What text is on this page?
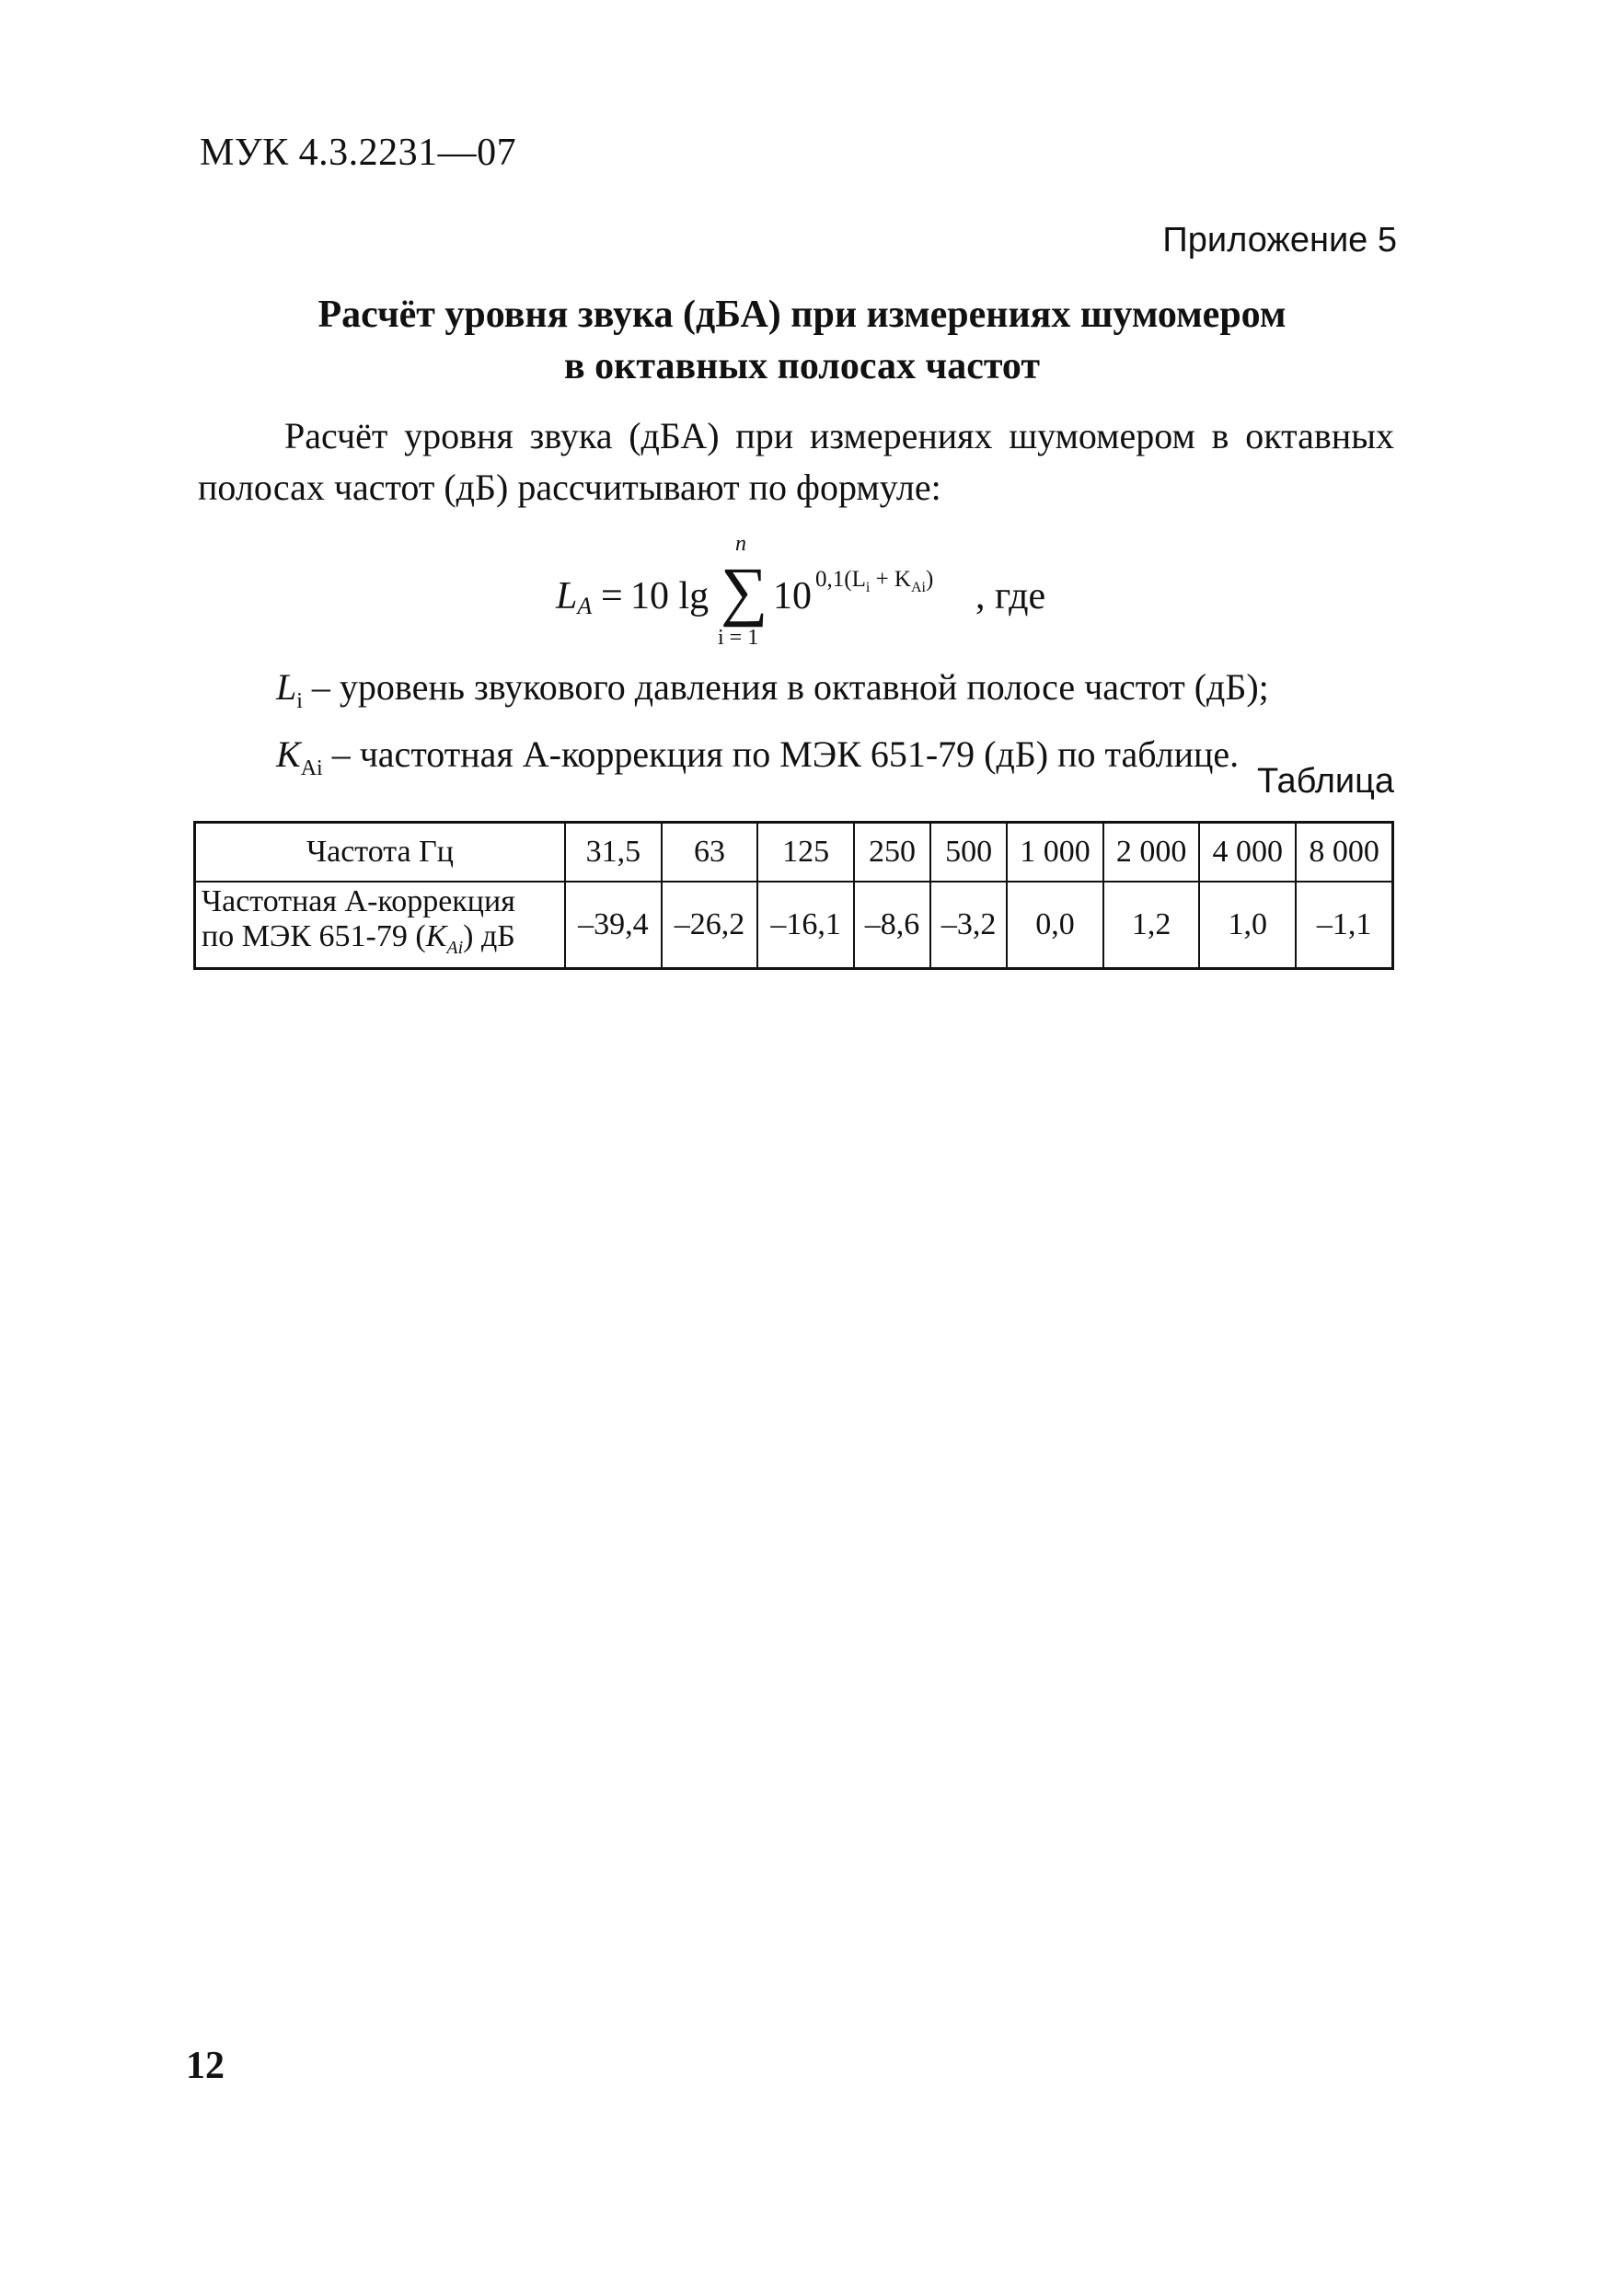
МУК 4.3.2231—07
Приложение 5
Расчёт уровня звука (дБА) при измерениях шумомером
в октавных полосах частот
Расчёт уровня звука (дБА) при измерениях шумомером в октавных полосах частот (дБ) рассчитывают по формуле:
$L_A = 10$ lg
n
∑
i = 1
10 $0,1(L_i + K_{Ai})$ , где
$L_i$ – уровень звукового давления в октавной полосе частот (дБ);
$K_{Ai}$ – частотная А-коррекция по МЭК 651-79 (дБ) по таблице.
Таблица
Частота Гц	31,5	63	125	250	500	1 000	2 000	4 000	8 000

Частотная А-коррекция
по МЭК 651-79 $(K_{Ai})$ дБ	–39,4	–26,2	–16,1	–8,6	–3,2	0,0	1,2	1,0	–1,1
12
